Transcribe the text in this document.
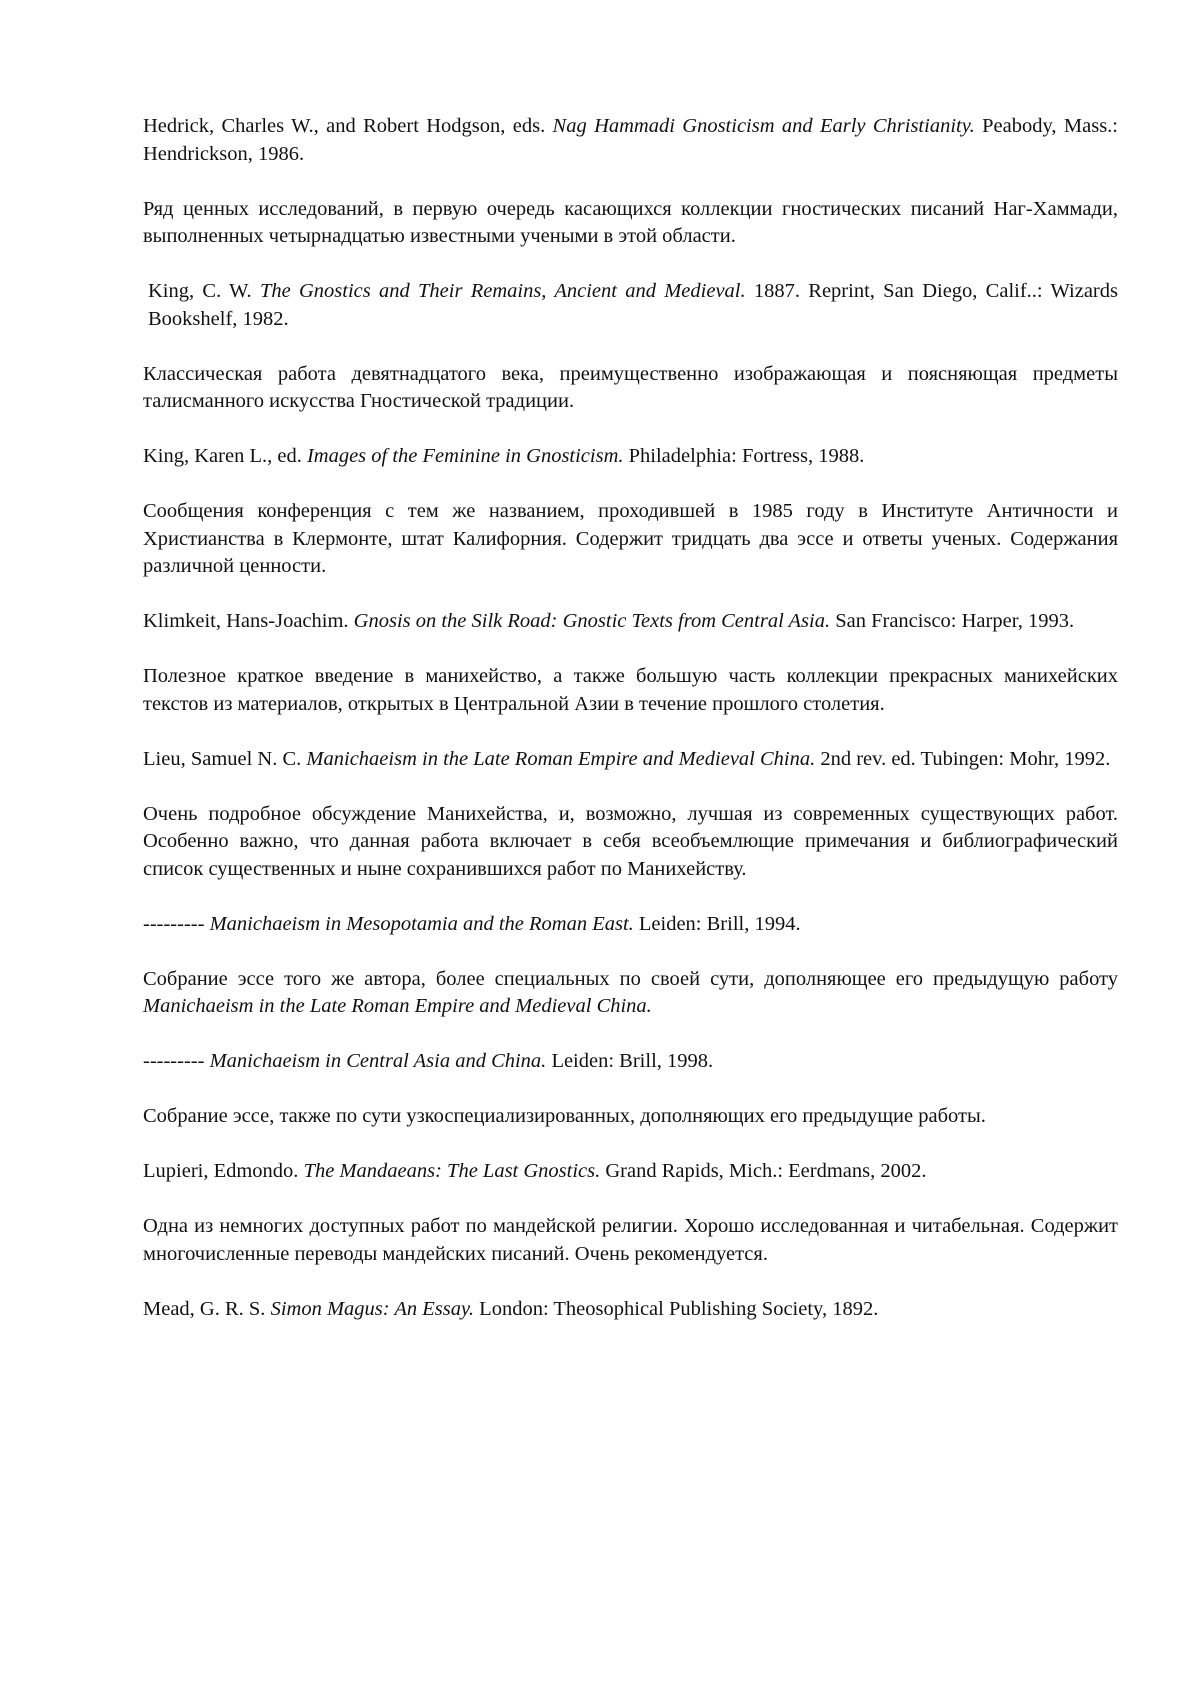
Hedrick, Charles W., and Robert Hodgson, eds. Nag Hammadi Gnosticism and Early Christianity. Peabody, Mass.: Hendrickson, 1986.

Ряд ценных исследований, в первую очередь касающихся коллекции гностических писаний Наг-Хаммади, выполненных четырнадцатью известными учеными в этой области.

King, C. W. The Gnostics and Their Remains, Ancient and Medieval. 1887. Reprint, San Diego, Calif..: Wizards Bookshelf, 1982.

Классическая работа девятнадцатого века, преимущественно изображающая и поясняющая предметы талисманного искусства Гностической традиции.

King, Karen L., ed. Images of the Feminine in Gnosticism. Philadelphia: Fortress, 1988.

Сообщения конференция с тем же названием, проходившей в 1985 году в Институте Античности и Христианства в Клермонте, штат Калифорния. Содержит тридцать два эссе и ответы ученых. Содержания различной ценности.

Klimkeit, Hans-Joachim. Gnosis on the Silk Road: Gnostic Texts from Central Asia. San Francisco: Harper, 1993.

Полезное краткое введение в манихейство, а также большую часть коллекции прекрасных манихейских текстов из материалов, открытых в Центральной Азии в течение прошлого столетия.

Lieu, Samuel N. C. Manichaeism in the Late Roman Empire and Medieval China. 2nd rev. ed. Tubingen: Mohr, 1992.

Очень подробное обсуждение Манихейства, и, возможно, лучшая из современных существующих работ. Особенно важно, что данная работа включает в себя всеобъемлющие примечания и библиографический список существенных и ныне сохранившихся работ по Манихейству.

--------- Manichaeism in Mesopotamia and the Roman East. Leiden: Brill, 1994.

Собрание эссе того же автора, более специальных по своей сути, дополняющее его предыдущую работу Manichaeism in the Late Roman Empire and Medieval China.

--------- Manichaeism in Central Asia and China. Leiden: Brill, 1998.

Собрание эссе, также по сути узкоспециализированных, дополняющих его предыдущие работы.

Lupieri, Edmondo. The Mandaeans: The Last Gnostics. Grand Rapids, Mich.: Eerdmans, 2002.

Одна из немногих доступных работ по мандейской религии. Хорошо исследованная и читабельная. Содержит многочисленные переводы мандейских писаний. Очень рекомендуется.

Mead, G. R. S. Simon Magus: An Essay. London: Theosophical Publishing Society, 1892.
